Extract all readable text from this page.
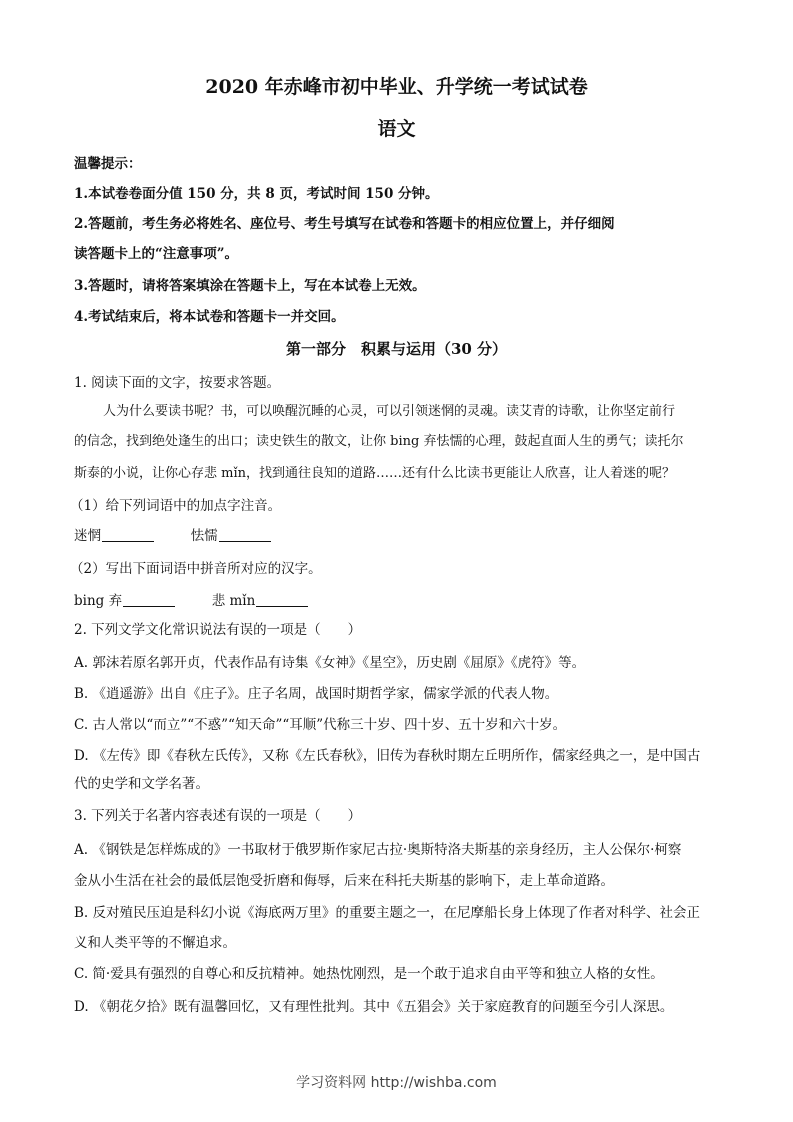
2020 年赤峰市初中毕业、升学统一考试试卷
语文
温馨提示：
1.本试卷卷面分值 150 分，共 8 页，考试时间 150 分钟。
2.答题前，考生务必将姓名、座位号、考生号填写在试卷和答题卡的相应位置上，并仔细阅
读答题卡上的“注意事项”。
3.答题时，请将答案填涂在答题卡上，写在本试卷上无效。
4.考试结束后，将本试卷和答题卡一并交回。
第一部分　积累与运用（30 分）
1. 阅读下面的文字，按要求答题。
人为什么要读书呢？书，可以唤醒沉睡的心灵，可以引领迷惘的灵魂。读艾青的诗歌，让你坚定前行
的信念，找到绝处逢生的出口；读史铁生的散文，让你 bing 弃怯懦的心理，鼓起直面人生的勇气；读托尔
斯泰的小说，让你心存悲 mǐn，找到通往良知的道路……还有什么比读书更能让人欣喜，让人着迷的呢？
（1）给下列词语中的加点字注音。
迷惘	怯懦
（2）写出下面词语中拼音所对应的汉字。
bing 弃	悲 mǐn
2. 下列文学文化常识说法有误的一项是（　　）
A. 郭沫若原名郭开贞，代表作品有诗集《女神》《星空》，历史剧《屈原》《虎符》等。
B. 《逍遥游》出自《庄子》。庄子名周，战国时期哲学家，儒家学派的代表人物。
C. 古人常以“而立”“不惑”“知天命”“耳顺”代称三十岁、四十岁、五十岁和六十岁。
D. 《左传》即《春秋左氏传》，又称《左氏春秋》，旧传为春秋时期左丘明所作，儒家经典之一，是中国古
代的史学和文学名著。
3. 下列关于名著内容表述有误的一项是（　　）
A. 《钢铁是怎样炼成的》一书取材于俄罗斯作家尼古拉·奥斯特洛夫斯基的亲身经历，主人公保尔·柯察
金从小生活在社会的最低层饱受折磨和侮辱，后来在科托夫斯基的影响下，走上革命道路。
B. 反对殖民压迫是科幻小说《海底两万里》的重要主题之一，在尼摩船长身上体现了作者对科学、社会正
义和人类平等的不懈追求。
C. 简·爱具有强烈的自尊心和反抗精神。她热忱刚烈，是一个敢于追求自由平等和独立人格的女性。
D. 《朝花夕拾》既有温馨回忆，又有理性批判。其中《五猖会》关于家庭教育的问题至今引人深思。
学习资料网 http://wishba.com
